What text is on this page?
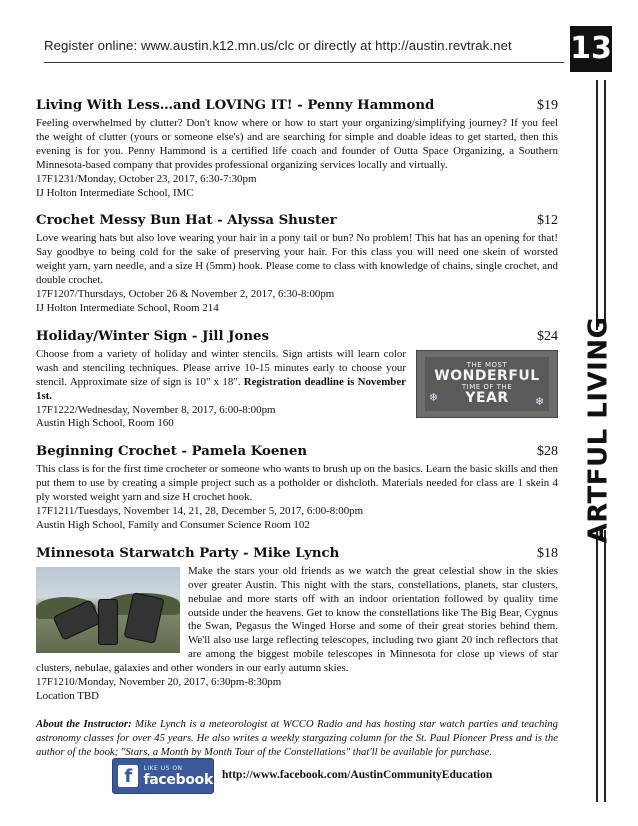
Register online: www.austin.k12.mn.us/clc or directly at http://austin.revtrak.net	13
ARTFUL LIVING
Living With Less…and LOVING IT! - Penny Hammond	$19
Feeling overwhelmed by clutter? Don't know where or how to start your organizing/simplifying journey? If you feel the weight of clutter (yours or someone else's) and are searching for simple and doable ideas to get started, then this evening is for you. Penny Hammond is a certified life coach and founder of Outta Space Organizing, a Southern Minnesota-based company that provides professional organizing services locally and virtually.
17F1231/Monday, October 23, 2017, 6:30-7:30pm
IJ Holton Intermediate School, IMC
Crochet Messy Bun Hat - Alyssa Shuster	$12
Love wearing hats but also love wearing your hair in a pony tail or bun? No problem! This hat has an opening for that! Say goodbye to being cold for the sake of preserving your hair. For this class you will need one skein of worsted weight yarn, yarn needle, and a size H (5mm) hook. Please come to class with knowledge of chains, single crochet, and double crochet.
17F1207/Thursdays, October 26 & November 2, 2017, 6:30-8:00pm
IJ Holton Intermediate School, Room 214
Holiday/Winter Sign - Jill Jones	$24
THE MOST
WONDERFUL
TIME OF THE
YEAR
❄	❄
Choose from a variety of holiday and winter stencils. Sign artists will learn color wash and stenciling techniques. Please arrive 10-15 minutes early to choose your stencil. Approximate size of sign is 10" x 18". Registration deadline is November 1st.
17F1222/Wednesday, November 8, 2017, 6:00-8:00pm
Austin High School, Room 160
Beginning Crochet - Pamela Koenen	$28
This class is for the first time crocheter or someone who wants to brush up on the basics. Learn the basic skills and then put them to use by creating a simple project such as a potholder or dishcloth. Materials needed for class are 1 skein 4 ply worsted weight yarn and size H crochet hook.
17F1211/Tuesdays, November 14, 21, 28, December 5, 2017, 6:00-8:00pm
Austin High School, Family and Consumer Science Room 102
Minnesota Starwatch Party - Mike Lynch	$18
Make the stars your old friends as we watch the great celestial show in the skies over greater Austin. This night with the stars, constellations, planets, star clusters, nebulae and more starts off with an indoor orientation followed by quality time outside under the heavens. Get to know the constellations like The Big Bear, Cygnus the Swan, Pegasus the Winged Horse and some of their great stories behind them. We'll also use large reflecting telescopes, including two giant 20 inch reflectors that are among the biggest mobile telescopes in Minnesota for close up views of star clusters, nebulae, galaxies and other wonders in our early autumn skies.
17F1210/Monday, November 20, 2017, 6:30pm-8:30pm
Location TBD
About the Instructor: Mike Lynch is a meteorologist at WCCO Radio and has hosting star watch parties and teaching astronomy classes for over 45 years. He also writes a weekly stargazing column for the St. Paul Pioneer Press and is the author of the book; "Stars, a Month by Month Tour of the Constellations" that'll be available for purchase.
f	LIKE US ON
facebook http://www.facebook.com/AustinCommunityEducation
